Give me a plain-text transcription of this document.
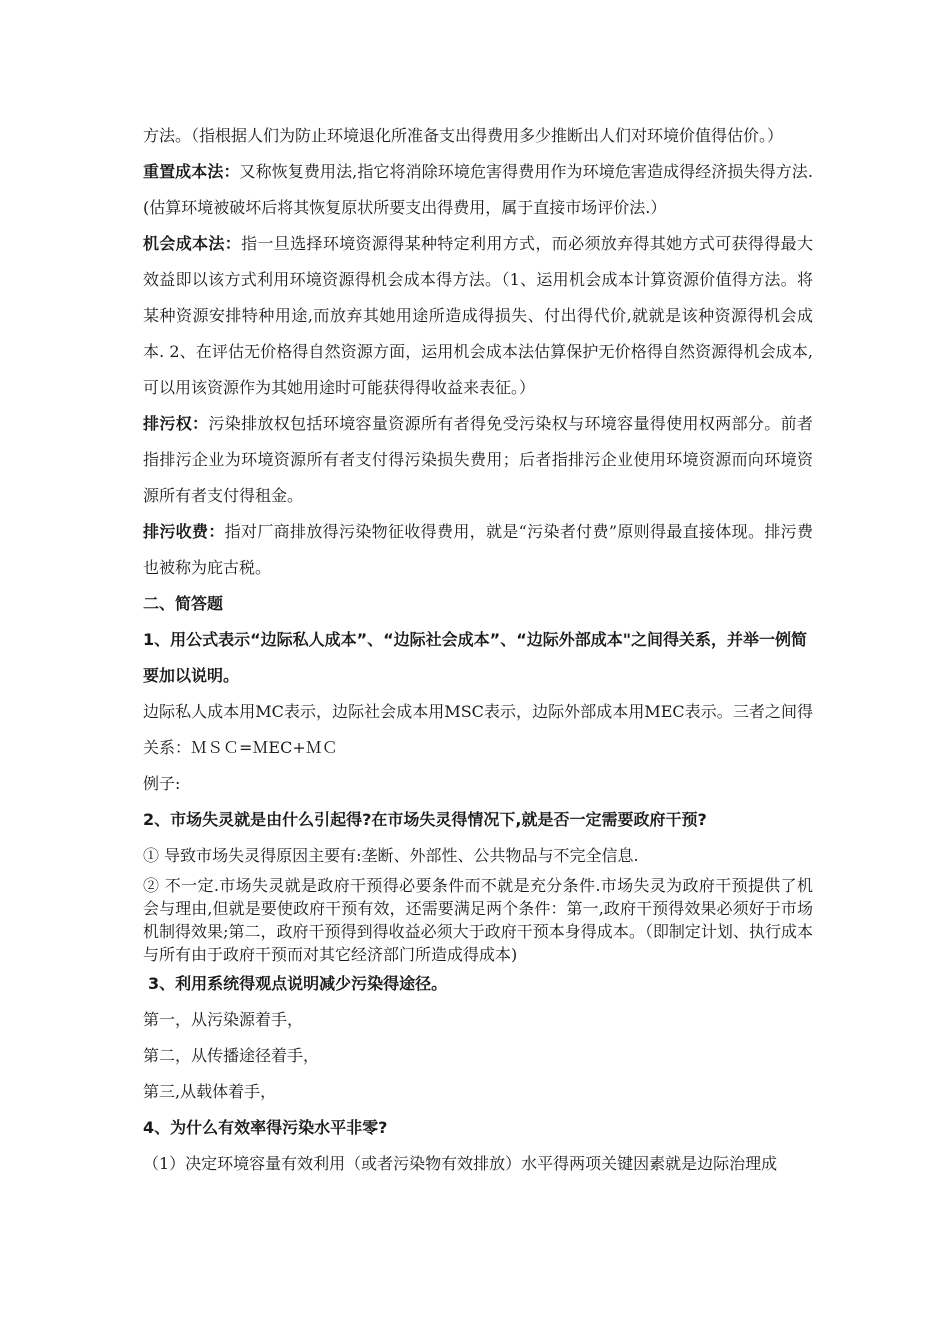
方法。（指根据人们为防止环境退化所准备支出得费用多少推断出人们对环境价值得估价。）

重置成本法：又称恢复费用法,指它将消除环境危害得费用作为环境危害造成得经济损失得方法.(估算环境被破坏后将其恢复原状所要支出得费用，属于直接市场评价法.）

机会成本法：指一旦选择环境资源得某种特定利用方式，而必须放弃得其她方式可获得得最大效益即以该方式利用环境资源得机会成本得方法。（1、运用机会成本计算资源价值得方法。将某种资源安排特种用途,而放弃其她用途所造成得损失、付出得代价,就就是该种资源得机会成本. 2、在评估无价格得自然资源方面，运用机会成本法估算保护无价格得自然资源得机会成本,可以用该资源作为其她用途时可能获得得收益来表征。）

排污权：污染排放权包括环境容量资源所有者得免受污染权与环境容量得使用权两部分。前者指排污企业为环境资源所有者支付得污染损失费用；后者指排污企业使用环境资源而向环境资源所有者支付得租金。

排污收费：指对厂商排放得污染物征收得费用，就是“污染者付费”原则得最直接体现。排污费也被称为庇古税。

二、简答题

1、用公式表示“边际私人成本”、“边际社会成本”、“边际外部成本"之间得关系，并举一例简要加以说明。

边际私人成本用MC表示，边际社会成本用MSC表示，边际外部成本用MEC表示。三者之间得关系：ＭＳＣ=ＭEC+ＭＣ

例子:

2、市场失灵就是由什么引起得?在市场失灵得情况下,就是否一定需要政府干预?

① 导致市场失灵得原因主要有:垄断、外部性、公共物品与不完全信息.

② 不一定.市场失灵就是政府干预得必要条件而不就是充分条件.市场失灵为政府干预提供了机会与理由,但就是要使政府干预有效，还需要满足两个条件：第一,政府干预得效果必须好于市场机制得效果;第二，政府干预得到得收益必须大于政府干预本身得成本。（即制定计划、执行成本与所有由于政府干预而对其它经济部门所造成得成本)

3、利用系统得观点说明减少污染得途径。

第一，从污染源着手，

第二，从传播途径着手，

第三,从载体着手，

4、为什么有效率得污染水平非零?

（1）决定环境容量有效利用（或者污染物有效排放）水平得两项关键因素就是边际治理成
